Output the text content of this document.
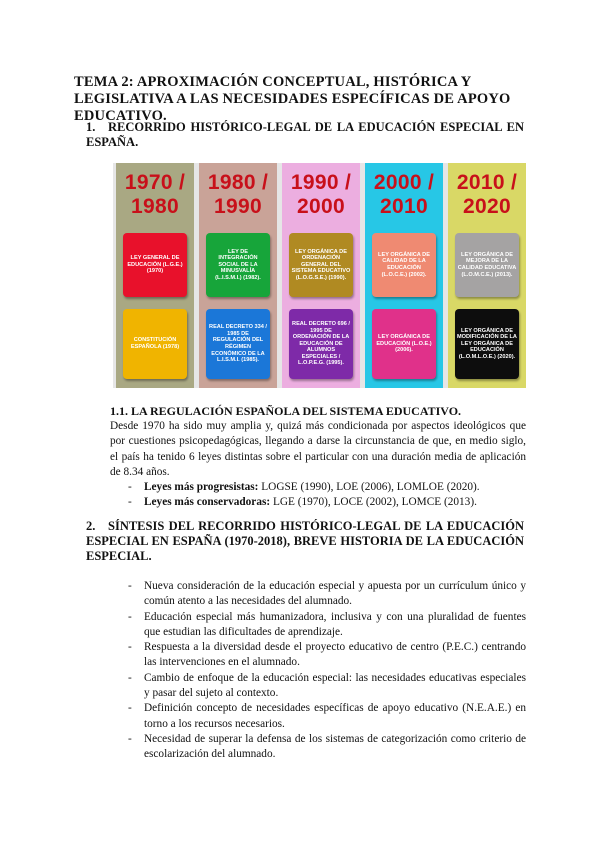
TEMA 2: APROXIMACIÓN CONCEPTUAL, HISTÓRICA Y LEGISLATIVA A LAS NECESIDADES ESPECÍFICAS DE APOYO EDUCATIVO.
1. RECORRIDO HISTÓRICO-LEGAL DE LA EDUCACIÓN ESPECIAL EN ESPAÑA.
1970 /
1980
LEY GENERAL DE EDUCACIÓN (L.G.E.) (1970)
CONSTITUCIÓN ESPAÑOLA (1978)
1980 /
1990
LEY DE INTEGRACIÓN SOCIAL DE LA MINUSVALÍA (L.I.S.M.I.) (1982).
REAL DECRETO 334 / 1985 DE REGULACIÓN DEL RÉGIMEN ECONÓMICO DE LA L.I.S.M.I. (1985).
1990 /
2000
LEY ORGÁNICA DE ORDENACIÓN GENERAL DEL SISTEMA EDUCATIVO (L.O.G.S.E.) (1990).
REAL DECRETO 696 / 1995 DE ORDENACIÓN DE LA EDUCACIÓN DE ALUMNOS ESPECIALES / L.O.P.E.G. (1995).
2000 /
2010
LEY ORGÁNICA DE CALIDAD DE LA EDUCACIÓN (L.O.C.E.) (2002).
LEY ORGÁNICA DE EDUCACIÓN (L.O.E.) (2006).
2010 /
2020
LEY ORGÁNICA DE MEJORA DE LA CALIDAD EDUCATIVA (L.O.M.C.E.) (2013).
LEY ORGÁNICA DE MODIFICACIÓN DE LA LEY ORGÁNICA DE EDUCACIÓN (L.O.M.L.O.E.) (2020).
1.1. LA REGULACIÓN ESPAÑOLA DEL SISTEMA EDUCATIVO.

Desde 1970 ha sido muy amplia y, quizá más condicionada por aspectos ideológicos que por cuestiones psicopedagógicas, llegando a darse la circunstancia de que, en medio siglo, el país ha tenido 6 leyes distintas sobre el particular con una duración media de aplicación de 8.34 años.

- Leyes más progresistas: LOGSE (1990), LOE (2006), LOMLOE (2020).
- Leyes más conservadoras: LGE (1970), LOCE (2002), LOMCE (2013).
2. SÍNTESIS DEL RECORRIDO HISTÓRICO-LEGAL DE LA EDUCACIÓN ESPECIAL EN ESPAÑA (1970-2018), BREVE HISTORIA DE LA EDUCACIÓN ESPECIAL.
- Nueva consideración de la educación especial y apuesta por un currículum único y común atento a las necesidades del alumnado.
- Educación especial más humanizadora, inclusiva y con una pluralidad de fuentes que estudian las dificultades de aprendizaje.
- Respuesta a la diversidad desde el proyecto educativo de centro (P.E.C.) centrando las intervenciones en el alumnado.
- Cambio de enfoque de la educación especial: las necesidades educativas especiales y pasar del sujeto al contexto.
- Definición concepto de necesidades específicas de apoyo educativo (N.E.A.E.) en torno a los recursos necesarios.
- Necesidad de superar la defensa de los sistemas de categorización como criterio de escolarización del alumnado.
